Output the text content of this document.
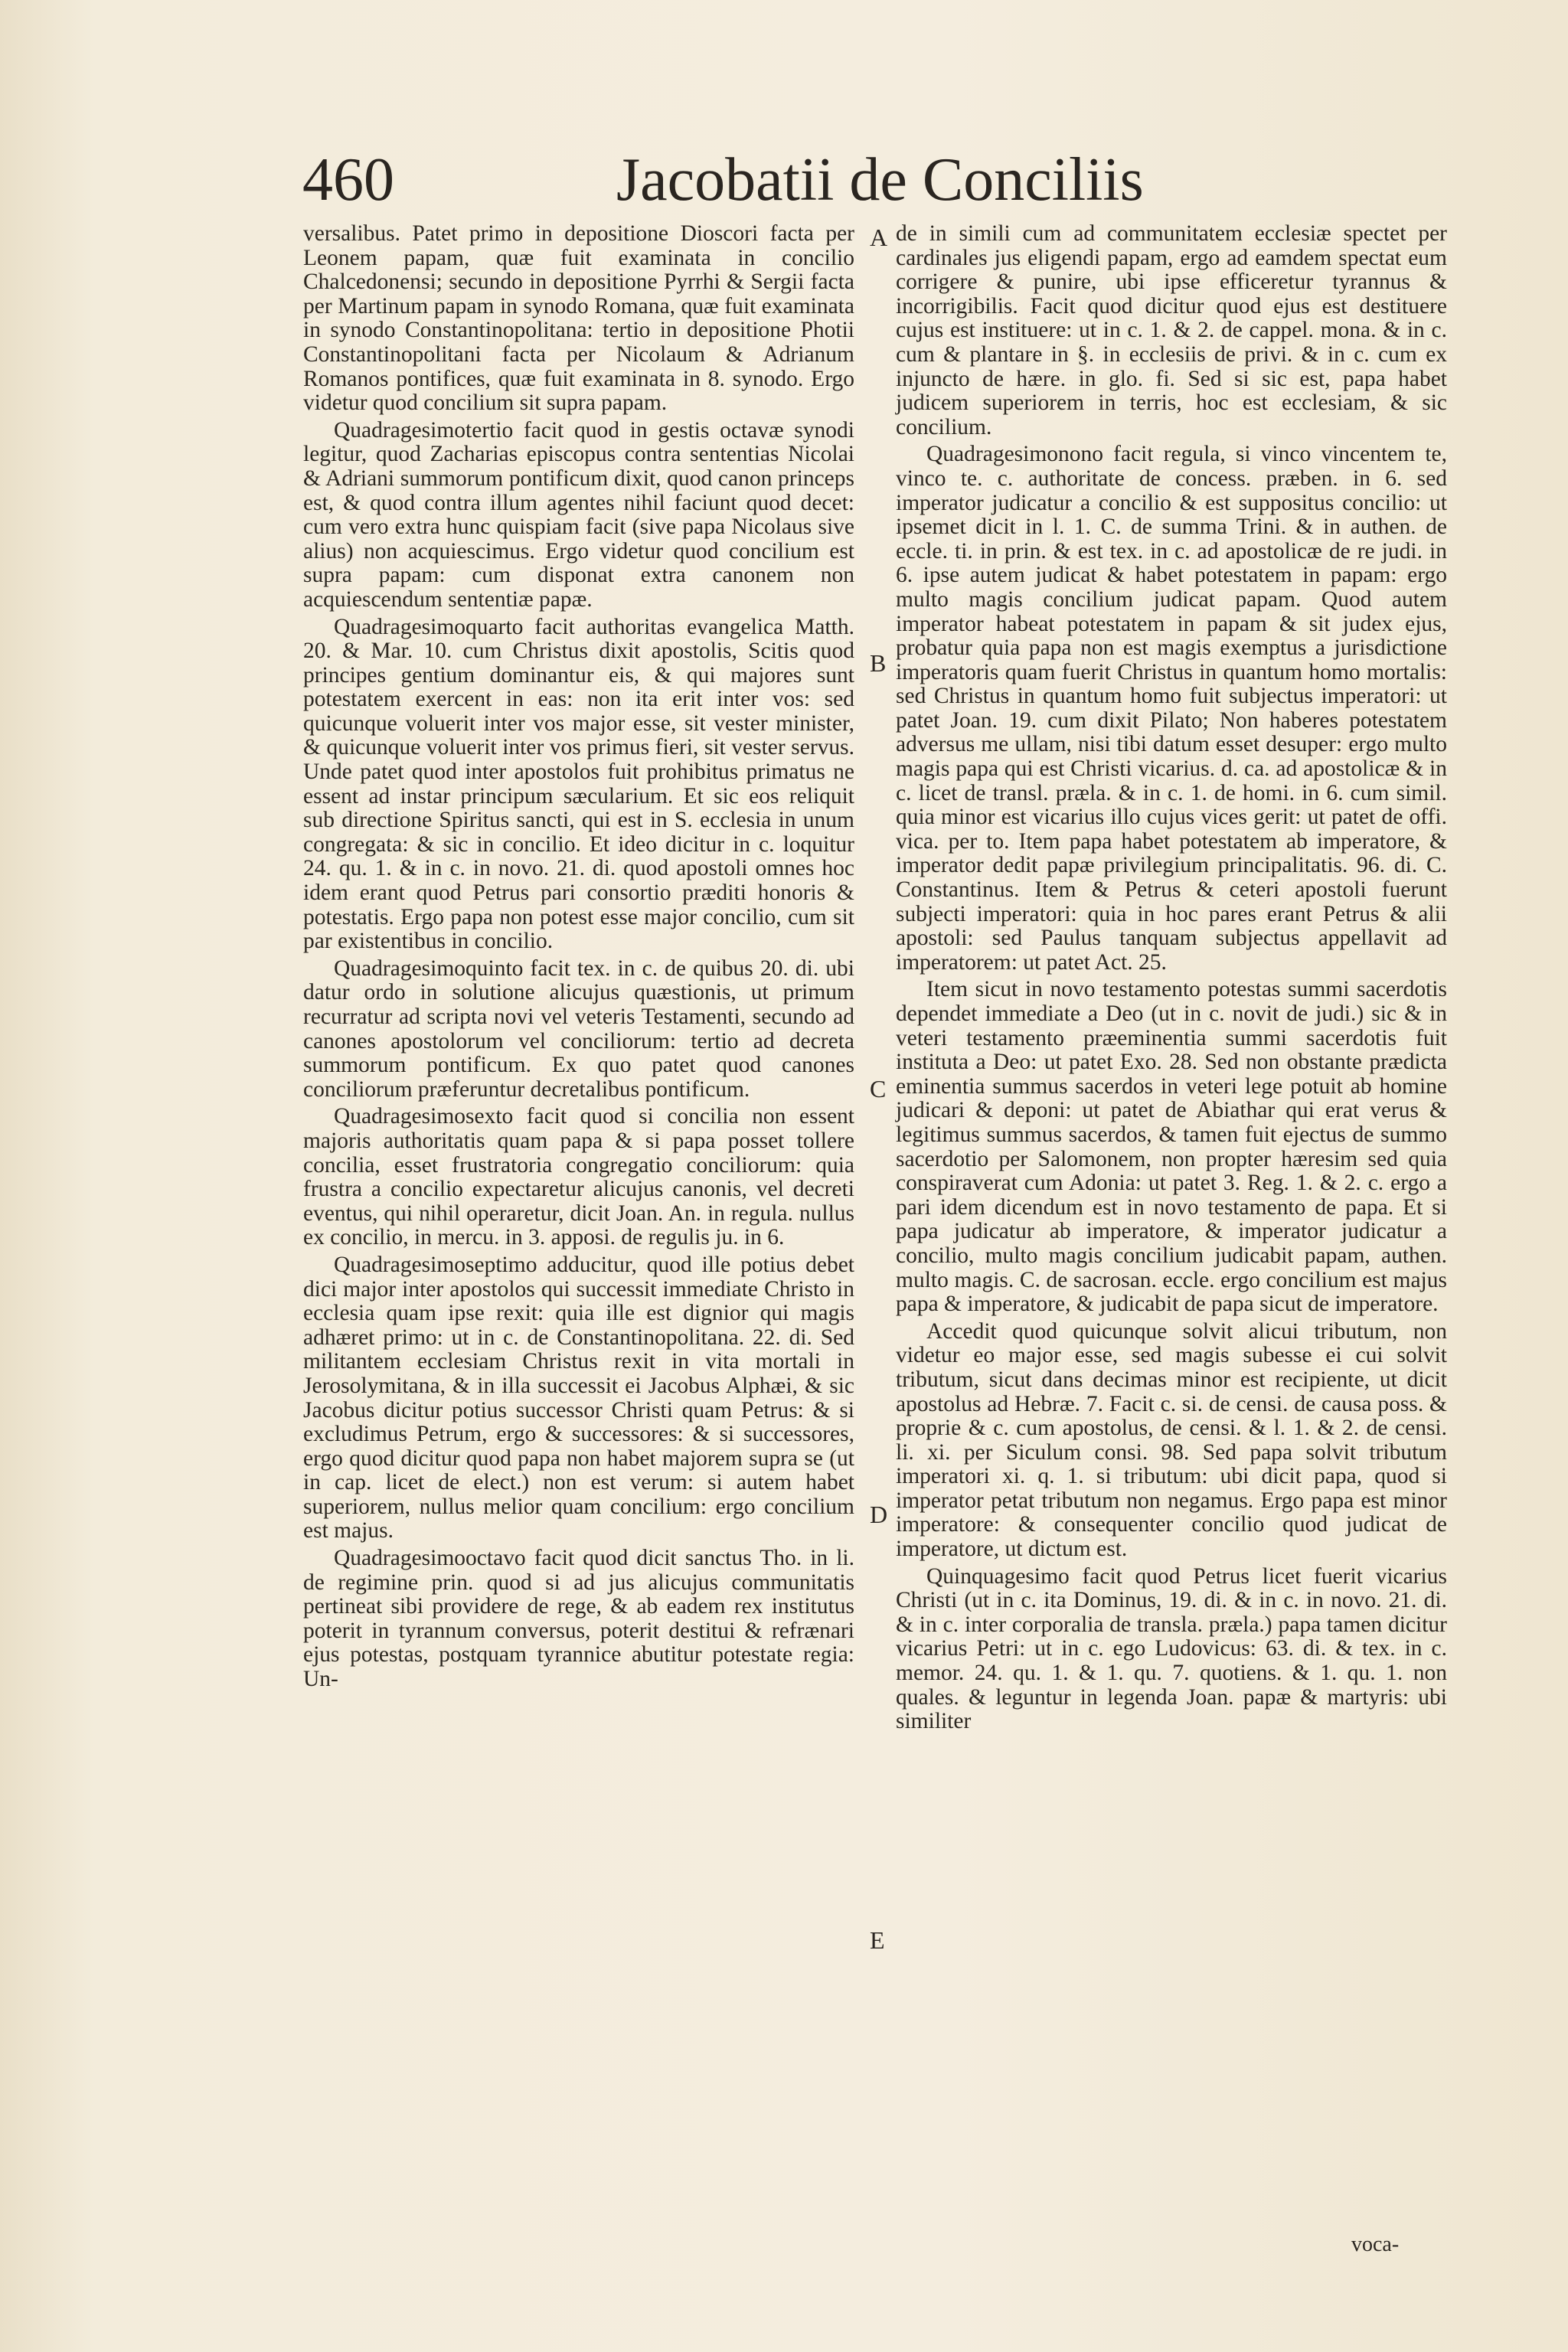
460	Jacobatii de Conciliis

versalibus. Patet primo in depositione Dioscori facta per Leonem papam, quæ fuit examinata in concilio Chalcedonensi; secundo in depositione Pyrrhi & Sergii facta per Martinum papam in synodo Romana, quæ fuit examinata in synodo Constantinopolitana: tertio in depositione Photii Constantinopolitani facta per Nicolaum & Adrianum Romanos pontifices, quæ fuit examinata in 8. synodo. Ergo videtur quod concilium sit supra papam.

Quadragesimotertio facit quod in gestis octavæ synodi legitur, quod Zacharias episcopus contra sententias Nicolai & Adriani summorum pontificum dixit, quod canon princeps est, & quod contra illum agentes nihil faciunt quod decet: cum vero extra hunc quispiam facit (sive papa Nicolaus sive alius) non acquiescimus. Ergo videtur quod concilium est supra papam: cum disponat extra canonem non acquiescendum sententiæ papæ.

Quadragesimoquarto facit authoritas evangelica Matth. 20. & Mar. 10. cum Christus dixit apostolis, Scitis quod principes gentium dominantur eis, & qui majores sunt potestatem exercent in eas: non ita erit inter vos: sed quicunque voluerit inter vos major esse, sit vester minister, & quicunque voluerit inter vos primus fieri, sit vester servus. Unde patet quod inter apostolos fuit prohibitus primatus ne essent ad instar principum sæcularium. Et sic eos reliquit sub directione Spiritus sancti, qui est in S. ecclesia in unum congregata: & sic in concilio. Et ideo dicitur in c. loquitur 24. qu. 1. & in c. in novo. 21. di. quod apostoli omnes hoc idem erant quod Petrus pari consortio præditi honoris & potestatis. Ergo papa non potest esse major concilio, cum sit par existentibus in concilio.

Quadragesimoquinto facit tex. in c. de quibus 20. di. ubi datur ordo in solutione alicujus quæstionis, ut primum recurratur ad scripta novi vel veteris Testamenti, secundo ad canones apostolorum vel conciliorum: tertio ad decreta summorum pontificum. Ex quo patet quod canones conciliorum præferuntur decretalibus pontificum.

Quadragesimosexto facit quod si concilia non essent majoris authoritatis quam papa & si papa posset tollere concilia, esset frustratoria congregatio conciliorum: quia frustra a concilio expectaretur alicujus canonis, vel decreti eventus, qui nihil operaretur, dicit Joan. An. in regula. nullus ex concilio, in mercu. in 3. apposi. de regulis ju. in 6.

Quadragesimoseptimo adducitur, quod ille potius debet dici major inter apostolos qui successit immediate Christo in ecclesia quam ipse rexit: quia ille est dignior qui magis adhæret primo: ut in c. de Constantinopolitana. 22. di. Sed militantem ecclesiam Christus rexit in vita mortali in Jerosolymitana, & in illa successit ei Jacobus Alphæi, & sic Jacobus dicitur potius successor Christi quam Petrus: & si excludimus Petrum, ergo & successores: & si successores, ergo quod dicitur quod papa non habet majorem supra se (ut in cap. licet de elect.) non est verum: si autem habet superiorem, nullus melior quam concilium: ergo concilium est majus.

Quadragesimooctavo facit quod dicit sanctus Tho. in li. de regimine prin. quod si ad jus alicujus communitatis pertineat sibi providere de rege, & ab eadem rex institutus poterit in tyrannum conversus, poterit destitui & refrænari ejus potestas, postquam tyrannice abutitur potestate regia: Un-

A
B
C
D
E

de in simili cum ad communitatem ecclesiæ spectet per cardinales jus eligendi papam, ergo ad eamdem spectat eum corrigere & punire, ubi ipse efficeretur tyrannus & incorrigibilis. Facit quod dicitur quod ejus est destituere cujus est instituere: ut in c. 1. & 2. de cappel. mona. & in c. cum & plantare in §. in ecclesiis de privi. & in c. cum ex injuncto de hære. in glo. fi. Sed si sic est, papa habet judicem superiorem in terris, hoc est ecclesiam, & sic concilium.

Quadragesimonono facit regula, si vinco vincentem te, vinco te. c. authoritate de concess. præben. in 6. sed imperator judicatur a concilio & est suppositus concilio: ut ipsemet dicit in l. 1. C. de summa Trini. & in authen. de eccle. ti. in prin. & est tex. in c. ad apostolicæ de re judi. in 6. ipse autem judicat & habet potestatem in papam: ergo multo magis concilium judicat papam. Quod autem imperator habeat potestatem in papam & sit judex ejus, probatur quia papa non est magis exemptus a jurisdictione imperatoris quam fuerit Christus in quantum homo mortalis: sed Christus in quantum homo fuit subjectus imperatori: ut patet Joan. 19. cum dixit Pilato; Non haberes potestatem adversus me ullam, nisi tibi datum esset desuper: ergo multo magis papa qui est Christi vicarius. d. ca. ad apostolicæ & in c. licet de transl. præla. & in c. 1. de homi. in 6. cum simil. quia minor est vicarius illo cujus vices gerit: ut patet de offi. vica. per to. Item papa habet potestatem ab imperatore, & imperator dedit papæ privilegium principalitatis. 96. di. C. Constantinus. Item & Petrus & ceteri apostoli fuerunt subjecti imperatori: quia in hoc pares erant Petrus & alii apostoli: sed Paulus tanquam subjectus appellavit ad imperatorem: ut patet Act. 25.

Item sicut in novo testamento potestas summi sacerdotis dependet immediate a Deo (ut in c. novit de judi.) sic & in veteri testamento præeminentia summi sacerdotis fuit instituta a Deo: ut patet Exo. 28. Sed non obstante prædicta eminentia summus sacerdos in veteri lege potuit ab homine judicari & deponi: ut patet de Abiathar qui erat verus & legitimus summus sacerdos, & tamen fuit ejectus de summo sacerdotio per Salomonem, non propter hæresim sed quia conspiraverat cum Adonia: ut patet 3. Reg. 1. & 2. c. ergo a pari idem dicendum est in novo testamento de papa. Et si papa judicatur ab imperatore, & imperator judicatur a concilio, multo magis concilium judicabit papam, authen. multo magis. C. de sacrosan. eccle. ergo concilium est majus papa & imperatore, & judicabit de papa sicut de imperatore.

Accedit quod quicunque solvit alicui tributum, non videtur eo major esse, sed magis subesse ei cui solvit tributum, sicut dans decimas minor est recipiente, ut dicit apostolus ad Hebræ. 7. Facit c. si. de censi. de causa poss. & proprie & c. cum apostolus, de censi. & l. 1. & 2. de censi. li. xi. per Siculum consi. 98. Sed papa solvit tributum imperatori xi. q. 1. si tributum: ubi dicit papa, quod si imperator petat tributum non negamus. Ergo papa est minor imperatore: & consequenter concilio quod judicat de imperatore, ut dictum est.

Quinquagesimo facit quod Petrus licet fuerit vicarius Christi (ut in c. ita Dominus, 19. di. & in c. in novo. 21. di. & in c. inter corporalia de transla. præla.) papa tamen dicitur vicarius Petri: ut in c. ego Ludovicus: 63. di. & tex. in c. memor. 24. qu. 1. & 1. qu. 7. quotiens. & 1. qu. 1. non quales. & leguntur in legenda Joan. papæ & martyris: ubi similiter

voca-
